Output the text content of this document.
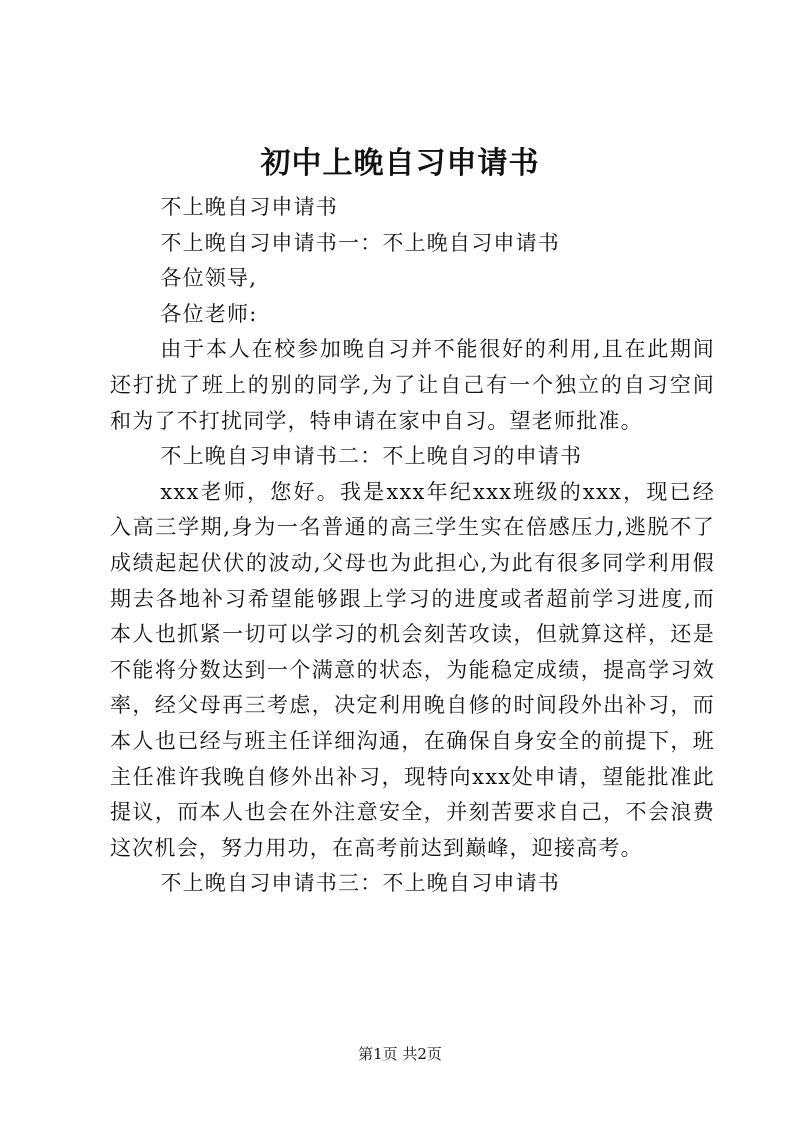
初中上晚自习申请书

不上晚自习申请书

不上晚自习申请书一：不上晚自习申请书

各位领导,

各位老师:

由于本人在校参加晚自习并不能很好的利用,且在此期间还打扰了班上的别的同学,为了让自己有一个独立的自习空间和为了不打扰同学，特申请在家中自习。望老师批准。

不上晚自习申请书二：不上晚自习的申请书

xxx老师，您好。我是xxx年纪xxx班级的xxx，现已经入高三学期,身为一名普通的高三学生实在倍感压力,逃脱不了成绩起起伏伏的波动,父母也为此担心,为此有很多同学利用假期去各地补习希望能够跟上学习的进度或者超前学习进度,而本人也抓紧一切可以学习的机会刻苦攻读，但就算这样，还是不能将分数达到一个满意的状态，为能稳定成绩，提高学习效率，经父母再三考虑，决定利用晚自修的时间段外出补习，而本人也已经与班主任详细沟通，在确保自身安全的前提下，班主任准许我晚自修外出补习，现特向xxx处申请，望能批准此提议，而本人也会在外注意安全，并刻苦要求自己，不会浪费这次机会，努力用功，在高考前达到巅峰，迎接高考。

不上晚自习申请书三：不上晚自习申请书

第1页 共2页
